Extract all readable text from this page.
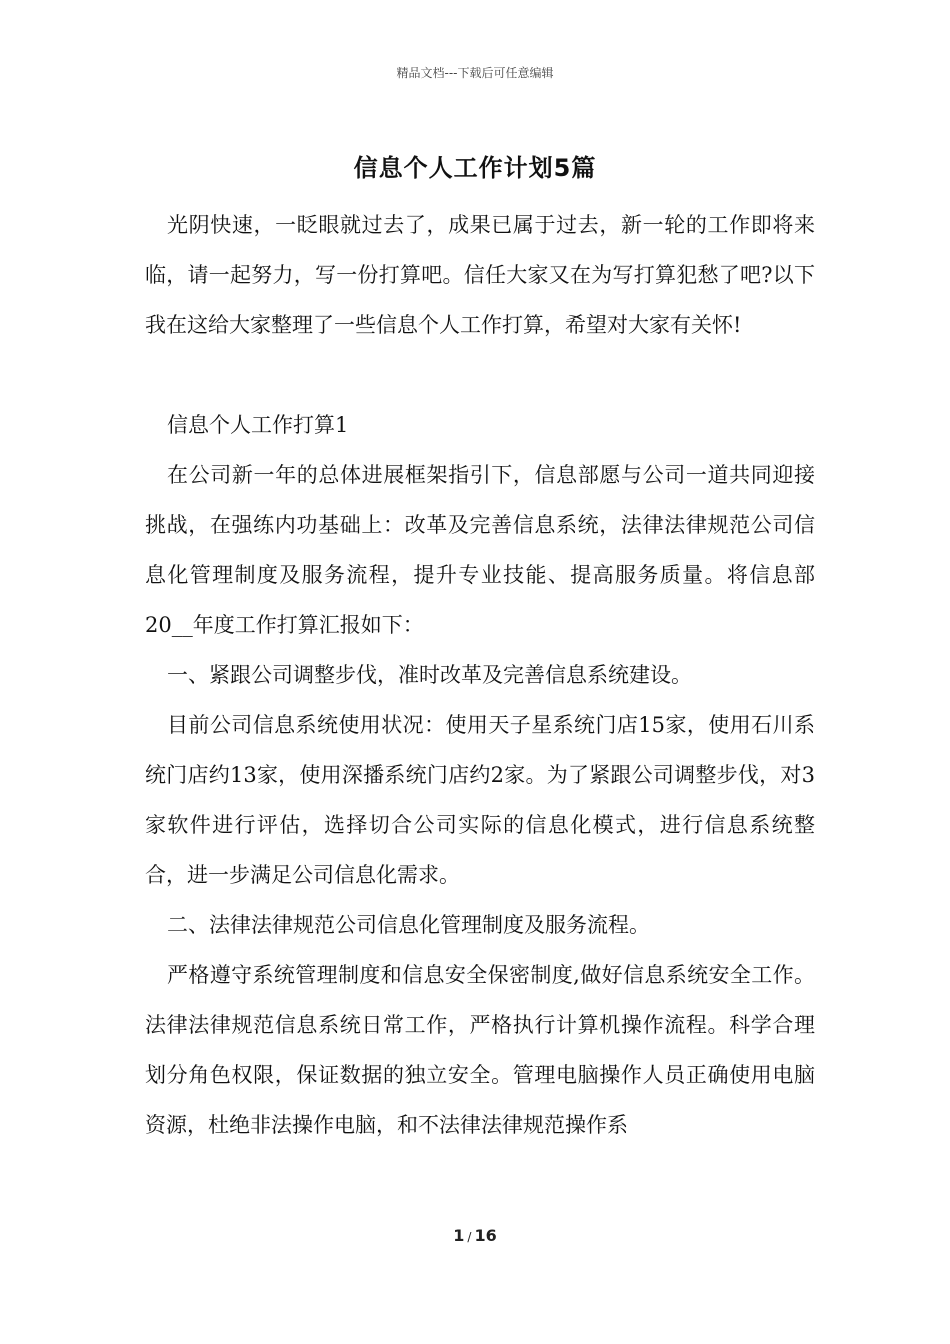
精品文档---下载后可任意编辑
信息个人工作计划5篇

光阴快速，一眨眼就过去了，成果已属于过去，新一轮的工作即将来临，请一起努力，写一份打算吧。信任大家又在为写打算犯愁了吧?以下我在这给大家整理了一些信息个人工作打算，希望对大家有关怀!

信息个人工作打算1

在公司新一年的总体进展框架指引下，信息部愿与公司一道共同迎接挑战，在强练内功基础上：改革及完善信息系统，法律法律规范公司信息化管理制度及服务流程，提升专业技能、提高服务质量。将信息部20__年度工作打算汇报如下：

一、紧跟公司调整步伐，准时改革及完善信息系统建设。

目前公司信息系统使用状况：使用天子星系统门店15家，使用石川系统门店约13家，使用深播系统门店约2家。为了紧跟公司调整步伐，对3家软件进行评估，选择切合公司实际的信息化模式，进行信息系统整合，进一步满足公司信息化需求。

二、法律法律规范公司信息化管理制度及服务流程。

严格遵守系统管理制度和信息安全保密制度,做好信息系统安全工作。法律法律规范信息系统日常工作，严格执行计算机操作流程。科学合理划分角色权限，保证数据的独立安全。管理电脑操作人员正确使用电脑资源，杜绝非法操作电脑，和不法律法律规范操作系

1 / 16
